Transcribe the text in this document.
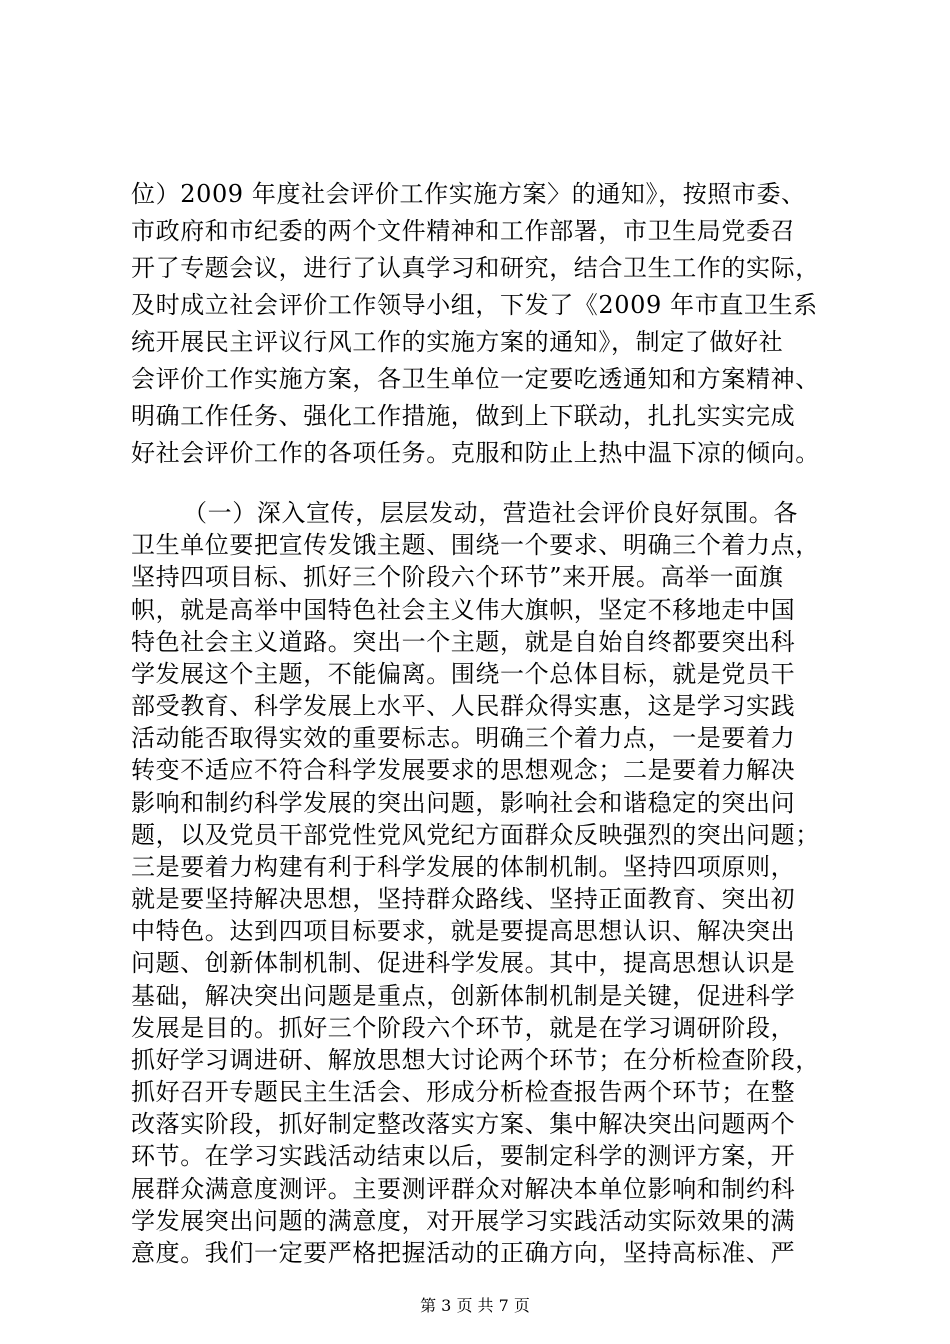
位）2009 年度社会评价工作实施方案〉的通知》，按照市委、
市政府和市纪委的两个文件精神和工作部署，市卫生局党委召
开了专题会议，进行了认真学习和研究，结合卫生工作的实际，
及时成立社会评价工作领导小组，下发了《2009 年市直卫生系
统开展民主评议行风工作的实施方案的通知》，制定了做好社
会评价工作实施方案，各卫生单位一定要吃透通知和方案精神、
明确工作任务、强化工作措施，做到上下联动，扎扎实实完成
好社会评价工作的各项任务。克服和防止上热中温下凉的倾向。
（一）深入宣传，层层发动，营造社会评价良好氛围。各
卫生单位要把宣传发饿主题、围绕一个要求、明确三个着力点，
坚持四项目标、抓好三个阶段六个环节”来开展。高举一面旗
帜，就是高举中国特色社会主义伟大旗帜，坚定不移地走中国
特色社会主义道路。突出一个主题，就是自始自终都要突出科
学发展这个主题，不能偏离。围绕一个总体目标，就是党员干
部受教育、科学发展上水平、人民群众得实惠，这是学习实践
活动能否取得实效的重要标志。明确三个着力点，一是要着力
转变不适应不符合科学发展要求的思想观念；二是要着力解决
影响和制约科学发展的突出问题，影响社会和谐稳定的突出问
题，以及党员干部党性党风党纪方面群众反映强烈的突出问题；
三是要着力构建有利于科学发展的体制机制。坚持四项原则，
就是要坚持解决思想，坚持群众路线、坚持正面教育、突出初
中特色。达到四项目标要求，就是要提高思想认识、解决突出
问题、创新体制机制、促进科学发展。其中，提高思想认识是
基础，解决突出问题是重点，创新体制机制是关键，促进科学
发展是目的。抓好三个阶段六个环节，就是在学习调研阶段，
抓好学习调进研、解放思想大讨论两个环节；在分析检查阶段，
抓好召开专题民主生活会、形成分析检查报告两个环节；在整
改落实阶段，抓好制定整改落实方案、集中解决突出问题两个
环节。在学习实践活动结束以后，要制定科学的测评方案，开
展群众满意度测评。主要测评群众对解决本单位影响和制约科
学发展突出问题的满意度，对开展学习实践活动实际效果的满
意度。我们一定要严格把握活动的正确方向，坚持高标准、严
第 3 页 共 7 页
